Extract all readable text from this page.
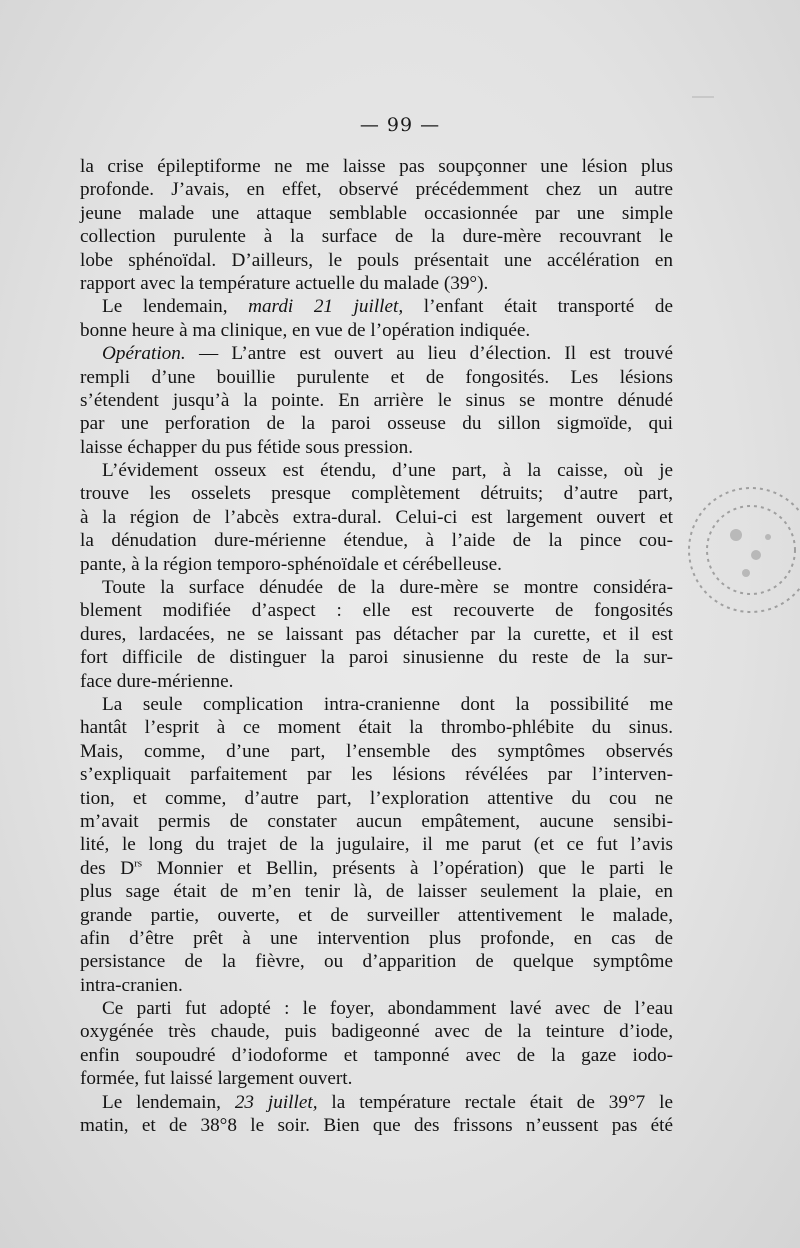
— 99 —
la crise épileptiforme ne me laisse pas soupçonner une lésion plus
profonde. J’avais, en effet, observé précédemment chez un autre
jeune malade une attaque semblable occasionnée par une simple
collection purulente à la surface de la dure-mère recouvrant le
lobe sphénoïdal. D’ailleurs, le pouls présentait une accélération en
rapport avec la température actuelle du malade (39°).
Le lendemain, mardi 21 juillet, l’enfant était transporté de
bonne heure à ma clinique, en vue de l’opération indiquée.
Opération. — L’antre est ouvert au lieu d’élection. Il est trouvé
rempli d’une bouillie purulente et de fongosités. Les lésions
s’étendent jusqu’à la pointe. En arrière le sinus se montre dénudé
par une perforation de la paroi osseuse du sillon sigmoïde, qui
laisse échapper du pus fétide sous pression.
L’évidement osseux est étendu, d’une part, à la caisse, où je
trouve les osselets presque complètement détruits; d’autre part,
à la région de l’abcès extra-dural. Celui-ci est largement ouvert et
la dénudation dure-mérienne étendue, à l’aide de la pince cou-
pante, à la région temporo-sphénoïdale et cérébelleuse.
Toute la surface dénudée de la dure-mère se montre considéra-
blement modifiée d’aspect : elle est recouverte de fongosités
dures, lardacées, ne se laissant pas détacher par la curette, et il est
fort difficile de distinguer la paroi sinusienne du reste de la sur-
face dure-mérienne.
La seule complication intra-cranienne dont la possibilité me
hantât l’esprit à ce moment était la thrombo-phlébite du sinus.
Mais, comme, d’une part, l’ensemble des symptômes observés
s’expliquait parfaitement par les lésions révélées par l’interven-
tion, et comme, d’autre part, l’exploration attentive du cou ne
m’avait permis de constater aucun empâtement, aucune sensibi-
lité, le long du trajet de la jugulaire, il me parut (et ce fut l’avis
des $D^{rs}$ Monnier et Bellin, présents à l’opération) que le parti le
plus sage était de m’en tenir là, de laisser seulement la plaie, en
grande partie, ouverte, et de surveiller attentivement le malade,
afin d’être prêt à une intervention plus profonde, en cas de
persistance de la fièvre, ou d’apparition de quelque symptôme
intra-cranien.
Ce parti fut adopté : le foyer, abondamment lavé avec de l’eau
oxygénée très chaude, puis badigeonné avec de la teinture d’iode,
enfin soupoudré d’iodoforme et tamponné avec de la gaze iodo-
formée, fut laissé largement ouvert.
Le lendemain, 23 juillet, la température rectale était de 39°7 le
matin, et de 38°8 le soir. Bien que des frissons n’eussent pas été
